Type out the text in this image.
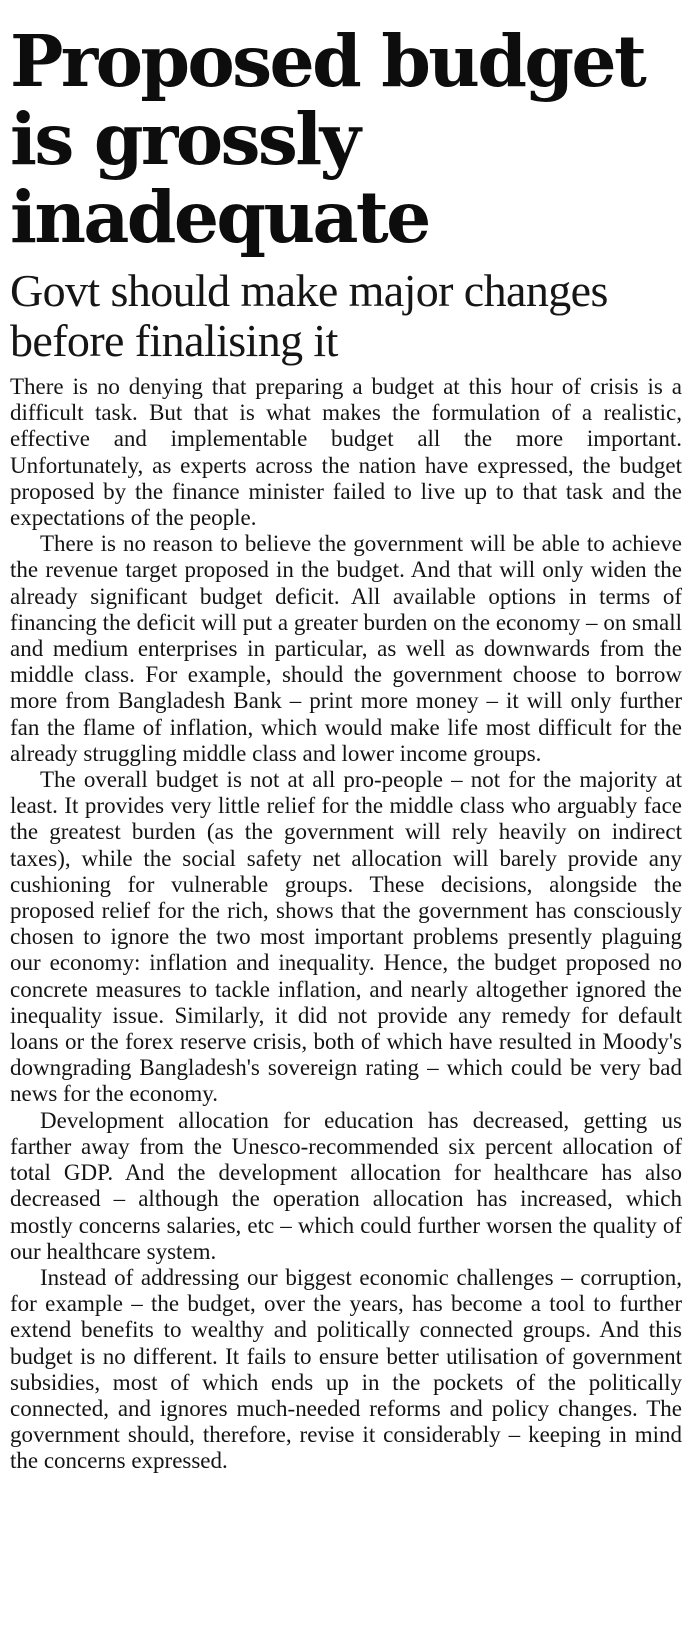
Proposed budget is grossly inadequate
Govt should make major changes before finalising it

There is no denying that preparing a budget at this hour of crisis is a difficult task. But that is what makes the formulation of a realistic, effective and implementable budget all the more important. Unfortunately, as experts across the nation have expressed, the budget proposed by the finance minister failed to live up to that task and the expectations of the people.

There is no reason to believe the government will be able to achieve the revenue target proposed in the budget. And that will only widen the already significant budget deficit. All available options in terms of financing the deficit will put a greater burden on the economy – on small and medium enterprises in particular, as well as downwards from the middle class. For example, should the government choose to borrow more from Bangladesh Bank – print more money – it will only further fan the flame of inflation, which would make life most difficult for the already struggling middle class and lower income groups.

The overall budget is not at all pro-people – not for the majority at least. It provides very little relief for the middle class who arguably face the greatest burden (as the government will rely heavily on indirect taxes), while the social safety net allocation will barely provide any cushioning for vulnerable groups. These decisions, alongside the proposed relief for the rich, shows that the government has consciously chosen to ignore the two most important problems presently plaguing our economy: inflation and inequality. Hence, the budget proposed no concrete measures to tackle inflation, and nearly altogether ignored the inequality issue. Similarly, it did not provide any remedy for default loans or the forex reserve crisis, both of which have resulted in Moody's downgrading Bangladesh's sovereign rating – which could be very bad news for the economy.

Development allocation for education has decreased, getting us farther away from the Unesco-recommended six percent allocation of total GDP. And the development allocation for healthcare has also decreased – although the operation allocation has increased, which mostly concerns salaries, etc – which could further worsen the quality of our healthcare system.

Instead of addressing our biggest economic challenges – corruption, for example – the budget, over the years, has become a tool to further extend benefits to wealthy and politically connected groups. And this budget is no different. It fails to ensure better utilisation of government subsidies, most of which ends up in the pockets of the politically connected, and ignores much-needed reforms and policy changes. The government should, therefore, revise it considerably – keeping in mind the concerns expressed.
